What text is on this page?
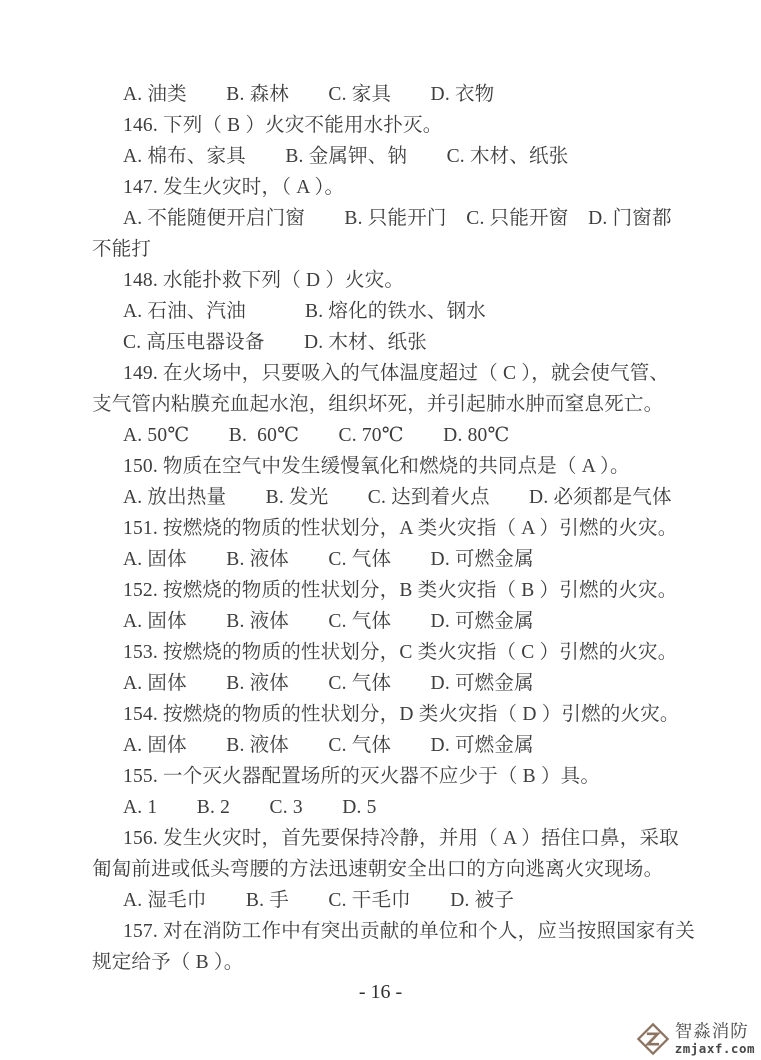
A. 油类　　B. 森林　　C. 家具　　D. 衣物
146. 下列（ B ）火灾不能用水扑灭。
A. 棉布、家具　　B. 金属钾、钠　　C. 木材、纸张
147. 发生火灾时，（ A ）。
A. 不能随便开启门窗　　B. 只能开门　C. 只能开窗　D. 门窗都
不能打
148. 水能扑救下列（ D ）火灾。
A. 石油、汽油　　　B. 熔化的铁水、钢水
C. 高压电器设备　　D. 木材、纸张
149. 在火场中，只要吸入的气体温度超过（ C ），就会使气管、
支气管内粘膜充血起水泡，组织坏死，并引起肺水肿而窒息死亡。
A. 50℃　　B.  60℃　　C. 70℃　　D. 80℃
150. 物质在空气中发生缓慢氧化和燃烧的共同点是（ A ）。
A. 放出热量　　B. 发光　　C. 达到着火点　　D. 必须都是气体
151. 按燃烧的物质的性状划分，A 类火灾指（ A ）引燃的火灾。
A. 固体　　B. 液体　　C. 气体　　D. 可燃金属
152. 按燃烧的物质的性状划分，B 类火灾指（ B ）引燃的火灾。
A. 固体　　B. 液体　　C. 气体　　D. 可燃金属
153. 按燃烧的物质的性状划分，C 类火灾指（ C ）引燃的火灾。
A. 固体　　B. 液体　　C. 气体　　D. 可燃金属
154. 按燃烧的物质的性状划分，D 类火灾指（ D ）引燃的火灾。
A. 固体　　B. 液体　　C. 气体　　D. 可燃金属
155. 一个灭火器配置场所的灭火器不应少于（ B ）具。
A. 1　　B. 2　　C. 3　　D. 5
156. 发生火灾时，首先要保持冷静，并用（ A ）捂住口鼻，采取
匍匐前进或低头弯腰的方法迅速朝安全出口的方向逃离火灾现场。
A. 湿毛巾　　B. 手　　C. 干毛巾　　D. 被子
157. 对在消防工作中有突出贡献的单位和个人，应当按照国家有关
规定给予（ B ）。
- 16 -
智淼消防
zmjaxf.com
